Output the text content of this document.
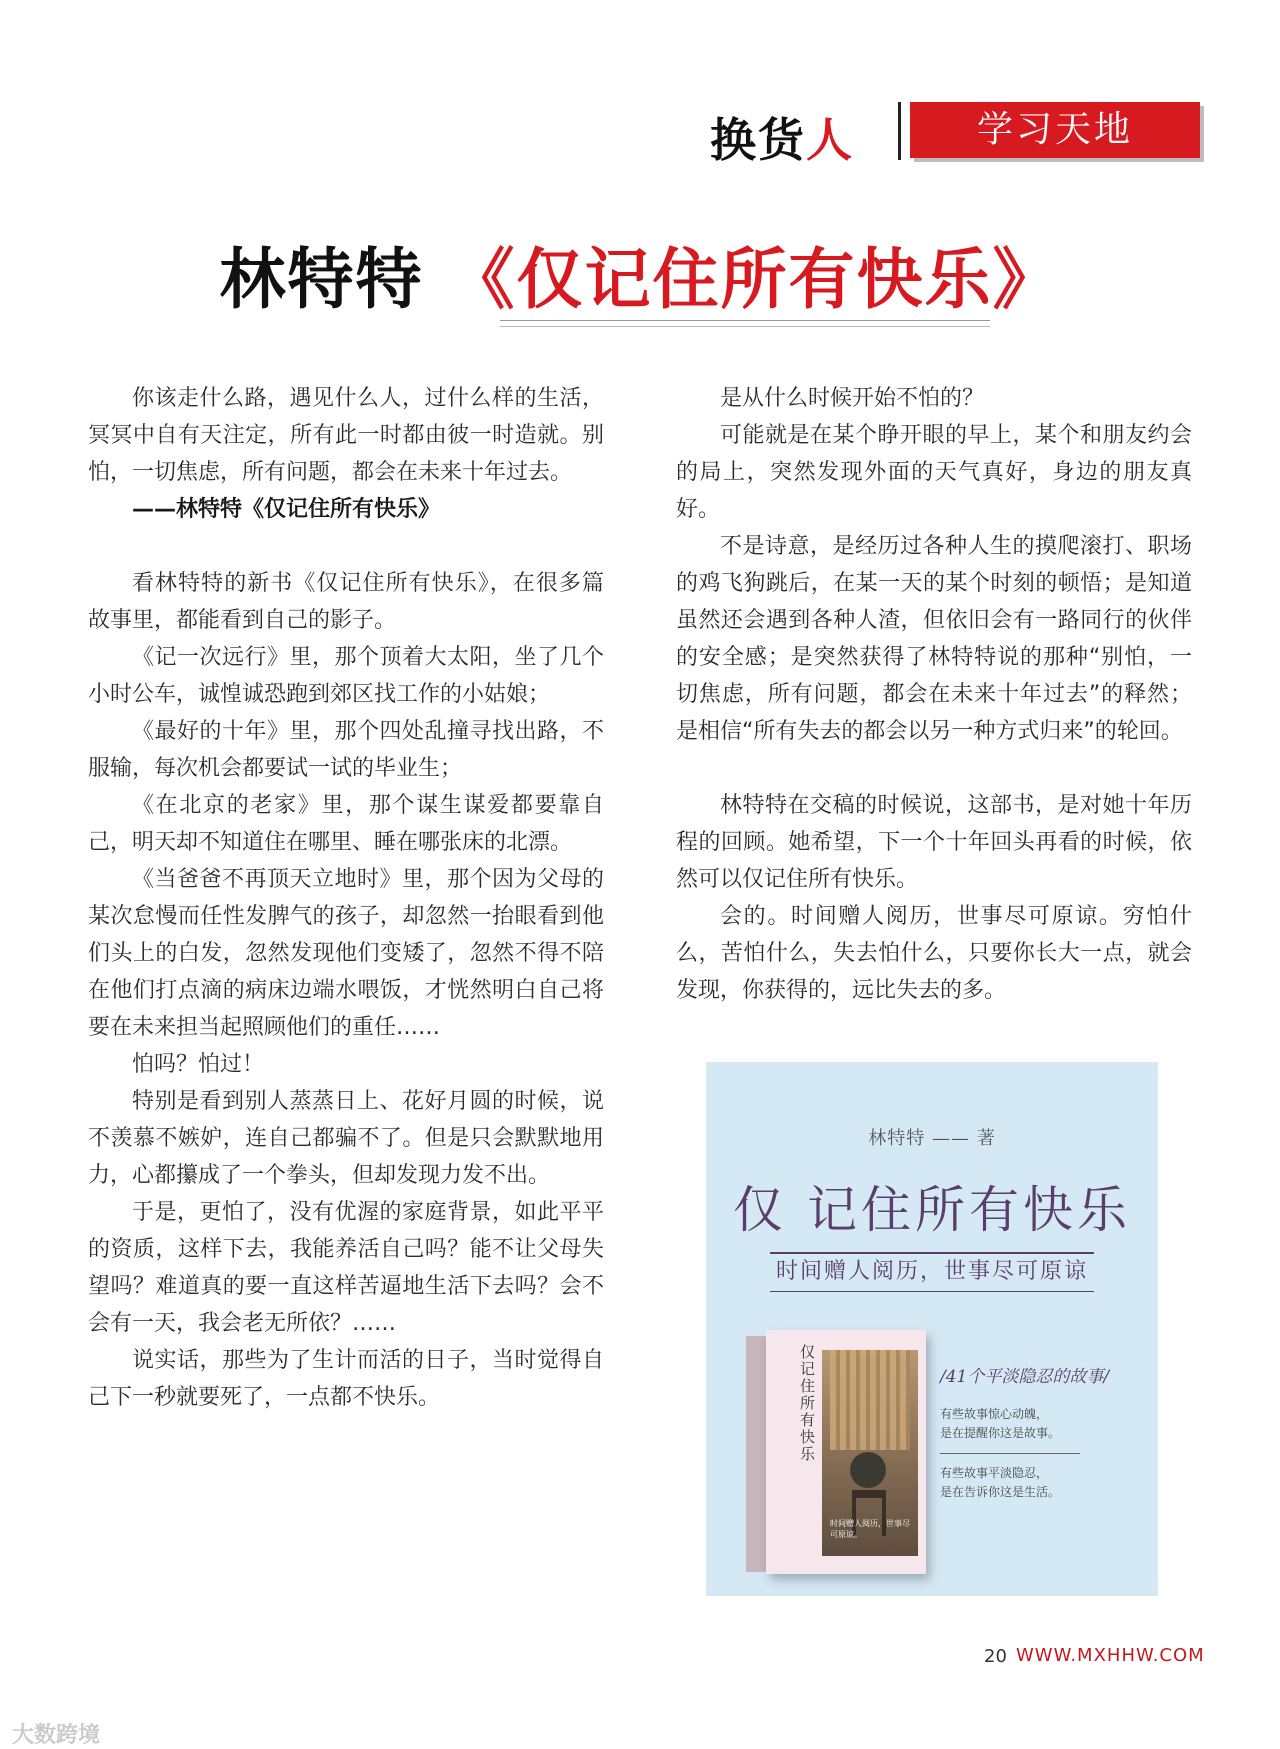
换货人	学习天地
林特特 《仅记住所有快乐》

你该走什么路，遇见什么人，过什么样的生活，冥冥中自有天注定，所有此一时都由彼一时造就。别怕，一切焦虑，所有问题，都会在未来十年过去。

——林特特《仅记住所有快乐》

看林特特的新书《仅记住所有快乐》，在很多篇故事里，都能看到自己的影子。

《记一次远行》里，那个顶着大太阳，坐了几个小时公车，诚惶诚恐跑到郊区找工作的小姑娘；

《最好的十年》里，那个四处乱撞寻找出路，不服输，每次机会都要试一试的毕业生；

《在北京的老家》里，那个谋生谋爱都要靠自己，明天却不知道住在哪里、睡在哪张床的北漂。

《当爸爸不再顶天立地时》里，那个因为父母的某次怠慢而任性发脾气的孩子，却忽然一抬眼看到他们头上的白发，忽然发现他们变矮了，忽然不得不陪在他们打点滴的病床边端水喂饭，才恍然明白自己将要在未来担当起照顾他们的重任……

怕吗？怕过！

特别是看到别人蒸蒸日上、花好月圆的时候，说不羡慕不嫉妒，连自己都骗不了。但是只会默默地用力，心都攥成了一个拳头，但却发现力发不出。

于是，更怕了，没有优渥的家庭背景，如此平平的资质，这样下去，我能养活自己吗？能不让父母失望吗？难道真的要一直这样苦逼地生活下去吗？会不会有一天，我会老无所依？……

说实话，那些为了生计而活的日子，当时觉得自己下一秒就要死了，一点都不快乐。

是从什么时候开始不怕的？

可能就是在某个睁开眼的早上，某个和朋友约会的局上，突然发现外面的天气真好，身边的朋友真好。

不是诗意，是经历过各种人生的摸爬滚打、职场的鸡飞狗跳后，在某一天的某个时刻的顿悟；是知道虽然还会遇到各种人渣，但依旧会有一路同行的伙伴的安全感；是突然获得了林特特说的那种“别怕，一切焦虑，所有问题，都会在未来十年过去”的释然；是相信“所有失去的都会以另一种方式归来”的轮回。

林特特在交稿的时候说，这部书，是对她十年历程的回顾。她希望，下一个十年回头再看的时候，依然可以仅记住所有快乐。

会的。时间赠人阅历，世事尽可原谅。穷怕什么，苦怕什么，失去怕什么，只要你长大一点，就会发现，你获得的，远比失去的多。

林特特 —— 著
仅 记住所有快乐
时间赠人阅历，世事尽可原谅
仅记住所有快乐
时间赠人阅历，世事尽可原谅。
/41个平淡隐忍的故事/
有些故事惊心动魄，
是在提醒你这是故事。
有些故事平淡隐忍，
是在告诉你这是生活。
20 WWW.MXHHW.COM
大数跨境
